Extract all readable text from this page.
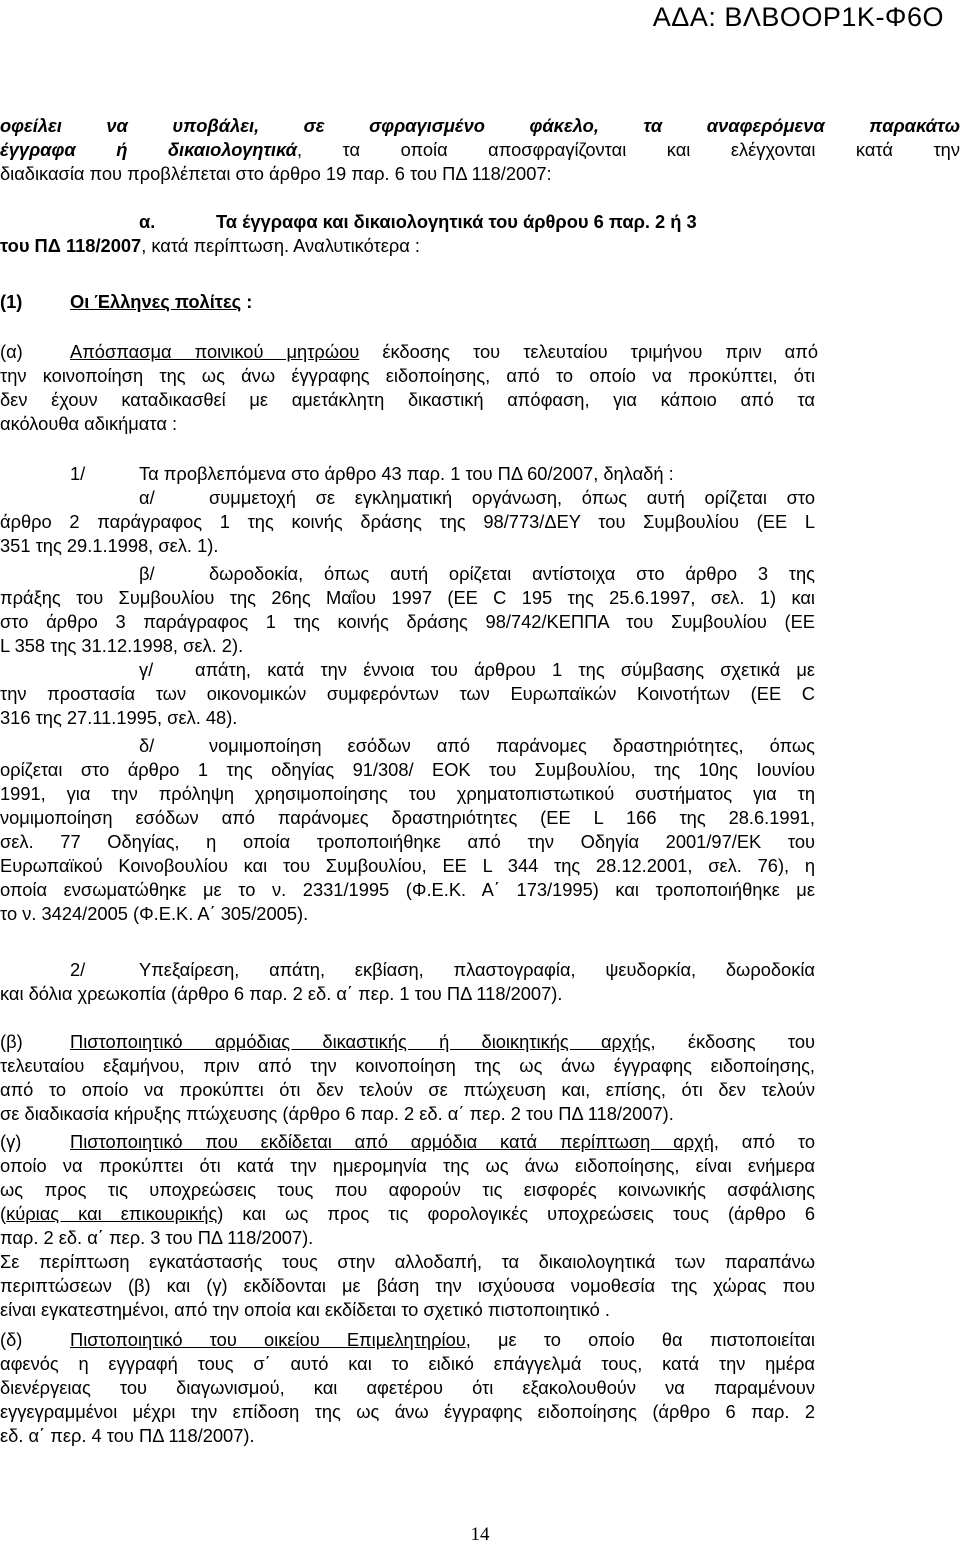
ΑΔΑ: ΒΛΒΟΟΡ1Κ-Φ6Ο
οφείλει να υποβάλει, σε σφραγισμένο φάκελο, τα αναφερόμενα παρακάτω
έγγραφα ή δικαιολογητικά, τα οποία αποσφραγίζονται και ελέγχονται κατά την
διαδικασία που προβλέπεται στο άρθρο 19 παρ. 6 του ΠΔ 118/2007:
α.	Τα έγγραφα και δικαιολογητικά του άρθρου 6 παρ. 2 ή 3
του ΠΔ 118/2007, κατά περίπτωση. Αναλυτικότερα :
(1)	Οι Έλληνες πολίτες :
(α)	Απόσπασμα ποινικού μητρώου έκδοσης του τελευταίου τριμήνου πριν από
την κοινοποίηση της ως άνω έγγραφης ειδοποίησης, από το οποίο να προκύπτει, ότι
δεν έχουν καταδικασθεί με αμετάκλητη δικαστική απόφαση, για κάποιο από τα
ακόλουθα αδικήματα :
1/	Τα προβλεπόμενα στο άρθρο 43 παρ. 1 του ΠΔ 60/2007, δηλαδή :
α/	συμμετοχή σε εγκληματική οργάνωση, όπως αυτή ορίζεται στο
άρθρο 2 παράγραφος 1 της κοινής δράσης της 98/773/ΔΕΥ του Συμβουλίου (ΕΕ L
351 της 29.1.1998, σελ. 1).
β/	δωροδοκία, όπως αυτή ορίζεται αντίστοιχα στο άρθρο 3 της
πράξης του Συμβουλίου της 26ης Μαΐου 1997 (ΕΕ C 195 της 25.6.1997, σελ. 1) και
στο άρθρο 3 παράγραφος 1 της κοινής δράσης 98/742/ΚΕΠΠΑ του Συμβουλίου (ΕΕ
L 358 της 31.12.1998, σελ. 2).
γ/	απάτη, κατά την έννοια του άρθρου 1 της σύμβασης σχετικά με
την προστασία των οικονομικών συμφερόντων των Ευρωπαϊκών Κοινοτήτων (ΕΕ C
316 της 27.11.1995, σελ. 48).
δ/	νομιμοποίηση εσόδων από παράνομες δραστηριότητες, όπως
ορίζεται στο άρθρο 1 της οδηγίας 91/308/ ΕΟΚ του Συμβουλίου, της 10ης Ιουνίου
1991, για την πρόληψη χρησιμοποίησης του χρηματοπιστωτικού συστήματος για τη
νομιμοποίηση εσόδων από παράνομες δραστηριότητες (ΕΕ L 166 της 28.6.1991,
σελ. 77 Οδηγίας, η οποία τροποποιήθηκε από την Οδηγία 2001/97/ΕΚ του
Ευρωπαϊκού Κοινοβουλίου και του Συμβουλίου, ΕΕ L 344 της 28.12.2001, σελ. 76), η
οποία ενσωματώθηκε με το ν. 2331/1995 (Φ.Ε.Κ. Α΄ 173/1995) και τροποποιήθηκε με
το ν. 3424/2005 (Φ.Ε.Κ. Α΄ 305/2005).
2/	Υπεξαίρεση, απάτη, εκβίαση, πλαστογραφία, ψευδορκία, δωροδοκία
και δόλια χρεωκοπία (άρθρο 6 παρ. 2 εδ. α΄ περ. 1 του ΠΔ 118/2007).
(β)	Πιστοποιητικό αρμόδιας δικαστικής ή διοικητικής αρχής, έκδοσης του
τελευταίου εξαμήνου, πριν από την κοινοποίηση της ως άνω έγγραφης ειδοποίησης,
από το οποίο να προκύπτει ότι δεν τελούν σε πτώχευση και, επίσης, ότι δεν τελούν
σε διαδικασία κήρυξης πτώχευσης (άρθρο 6 παρ. 2 εδ. α΄ περ. 2 του ΠΔ 118/2007).
(γ)	Πιστοποιητικό που εκδίδεται από αρμόδια κατά περίπτωση αρχή, από το
οποίο να προκύπτει ότι κατά την ημερομηνία της ως άνω ειδοποίησης, είναι ενήμερα
ως προς τις υποχρεώσεις τους που αφορούν τις εισφορές κοινωνικής ασφάλισης
(κύριας και επικουρικής) και ως προς τις φορολογικές υποχρεώσεις τους (άρθρο 6
παρ. 2 εδ. α΄ περ. 3 του ΠΔ 118/2007).
Σε περίπτωση εγκατάστασής τους στην αλλοδαπή, τα δικαιολογητικά των παραπάνω
περιπτώσεων (β) και (γ) εκδίδονται με βάση την ισχύουσα νομοθεσία της χώρας που
είναι εγκατεστημένοι, από την οποία και εκδίδεται το σχετικό πιστοποιητικό .
(δ)	Πιστοποιητικό του οικείου Επιμελητηρίου, με το οποίο θα πιστοποιείται
αφενός η εγγραφή τους σ΄ αυτό και το ειδικό επάγγελμά τους, κατά την ημέρα
διενέργειας του διαγωνισμού, και αφετέρου ότι εξακολουθούν να παραμένουν
εγγεγραμμένοι μέχρι την επίδοση της ως άνω έγγραφης ειδοποίησης (άρθρο 6 παρ. 2
εδ. α΄ περ. 4 του ΠΔ 118/2007).
14
